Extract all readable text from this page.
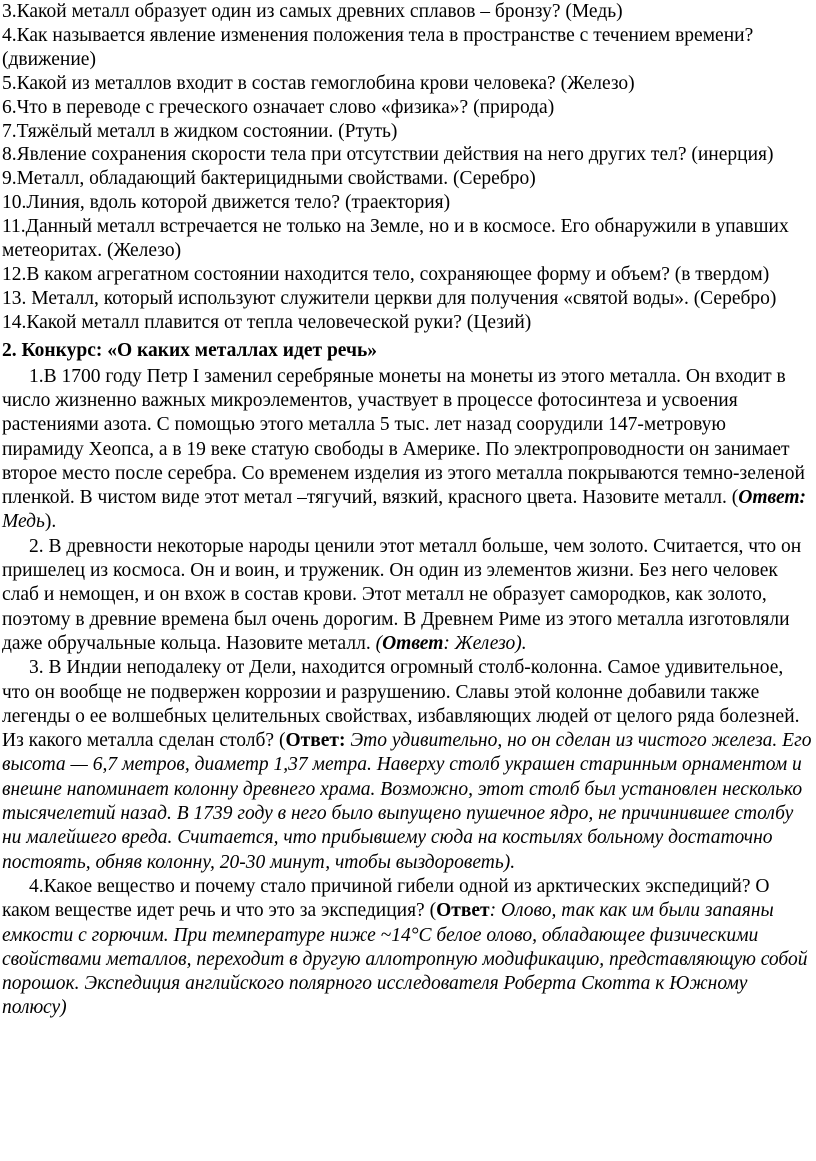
3.Какой металл образует один из самых древних сплавов – бронзу? (Медь)

4.Как называется явление изменения положения тела в пространстве с течением времени? (движение)

5.Какой из металлов входит в состав гемоглобина крови человека? (Железо)

6.Что в переводе с греческого означает слово «физика»? (природа)

7.Тяжёлый металл в жидком состоянии. (Ртуть)

8.Явление сохранения скорости тела при отсутствии действия на него других тел? (инерция)

9.Металл, обладающий бактерицидными свойствами. (Серебро)

10.Линия, вдоль которой движется тело? (траектория)

11.Данный металл встречается не только на Земле, но и в космосе. Его обнаружили в упавших метеоритах. (Железо)

12.В каком агрегатном состоянии находится тело, сохраняющее форму и объем? (в твердом)

13. Металл, который используют служители церкви для получения «святой воды». (Серебро)

14.Какой металл плавится от тепла человеческой руки? (Цезий)

2. Конкурс: «О каких металлах идет речь»

1.В 1700 году Петр I заменил серебряные монеты на монеты из этого металла. Он входит в число жизненно важных микроэлементов, участвует в процессе фотосинтеза и усвоения растениями азота. С помощью этого металла 5 тыс. лет назад соорудили 147-метровую пирамиду Хеопса, а в 19 веке статую свободы в Америке. По электропроводности он занимает второе место после серебра. Со временем изделия из этого металла покрываются темно-зеленой пленкой. В чистом виде этот метал –тягучий, вязкий, красного цвета. Назовите металл. (Ответ: Медь).

2. В древности некоторые народы ценили этот металл больше, чем золото. Считается, что он пришелец из космоса. Он и воин, и труженик. Он один из элементов жизни. Без него человек слаб и немощен, и он вхож в состав крови. Этот металл не образует самородков, как золото, поэтому в древние времена был очень дорогим. В Древнем Риме из этого металла изготовляли даже обручальные кольца. Назовите металл. (Ответ: Железо).

3. В Индии неподалеку от Дели, находится огромный столб-колонна. Самое удивительное, что он вообще не подвержен коррозии и разрушению. Славы этой колонне добавили также легенды о ее волшебных целительных свойствах, избавляющих людей от целого ряда болезней. Из какого металла сделан столб? (Ответ: Это удивительно, но он сделан из чистого железа. Его высота — 6,7 метров, диаметр 1,37 метра. Наверху столб украшен старинным орнаментом и внешне напоминает колонну древнего храма. Возможно, этот столб был установлен несколько тысячелетий назад. В 1739 году в него было выпущено пушечное ядро, не причинившее столбу ни малейшего вреда. Считается, что прибывшему сюда на костылях больному достаточно постоять, обняв колонну, 20-30 минут, чтобы выздороветь).

4.Какое вещество и почему стало причиной гибели одной из арктических экспедиций? О каком веществе идет речь и что это за экспедиция? (Ответ: Олово, так как им были запаяны емкости с горючим. При температуре ниже ~14°С белое олово, обладающее физическими свойствами металлов, переходит в другую аллотропную модификацию, представляющую собой порошок. Экспедиция английского полярного исследователя Роберта Скотта к Южному полюсу)
